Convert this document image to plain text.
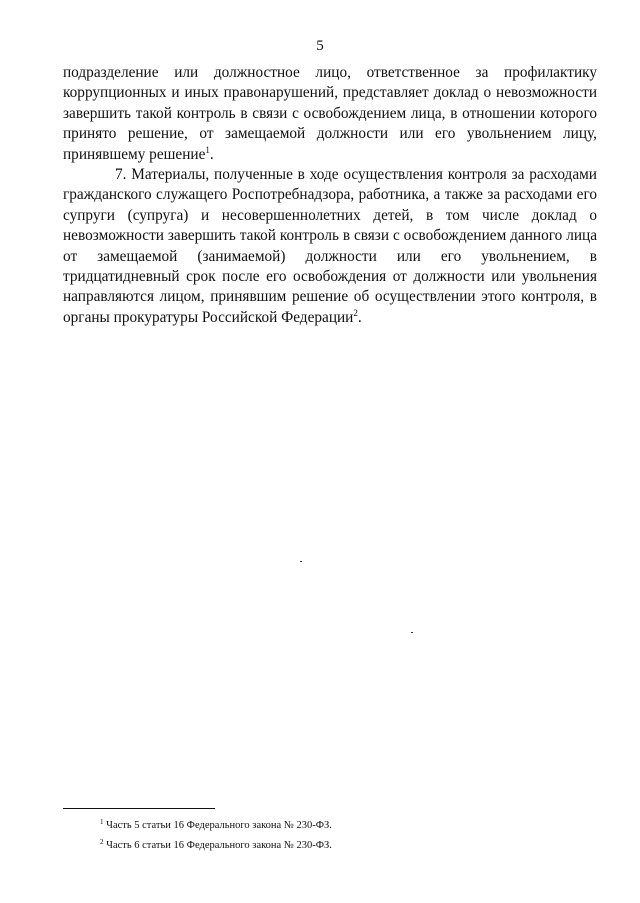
5

подразделение или должностное лицо, ответственное за профилактику коррупционных и иных правонарушений, представляет доклад о невозможности завершить такой контроль в связи с освобождением лица, в отношении которого принято решение, от замещаемой должности или его увольнением лицу, принявшему решение$^1$.

7. Материалы, полученные в ходе осуществления контроля за расходами гражданского служащего Роспотребнадзора, работника, а также за расходами его супруги (супруга) и несовершеннолетних детей, в том числе доклад о невозможности завершить такой контроль в связи с освобождением данного лица от замещаемой (занимаемой) должности или его увольнением, в тридцатидневный срок после его освобождения от должности или увольнения направляются лицом, принявшим решение об осуществлении этого контроля, в органы прокуратуры Российской Федерации$^2$.

$^1$ Часть 5 статьи 16 Федерального закона № 230-ФЗ.
$^2$ Часть 6 статьи 16 Федерального закона № 230-ФЗ.
